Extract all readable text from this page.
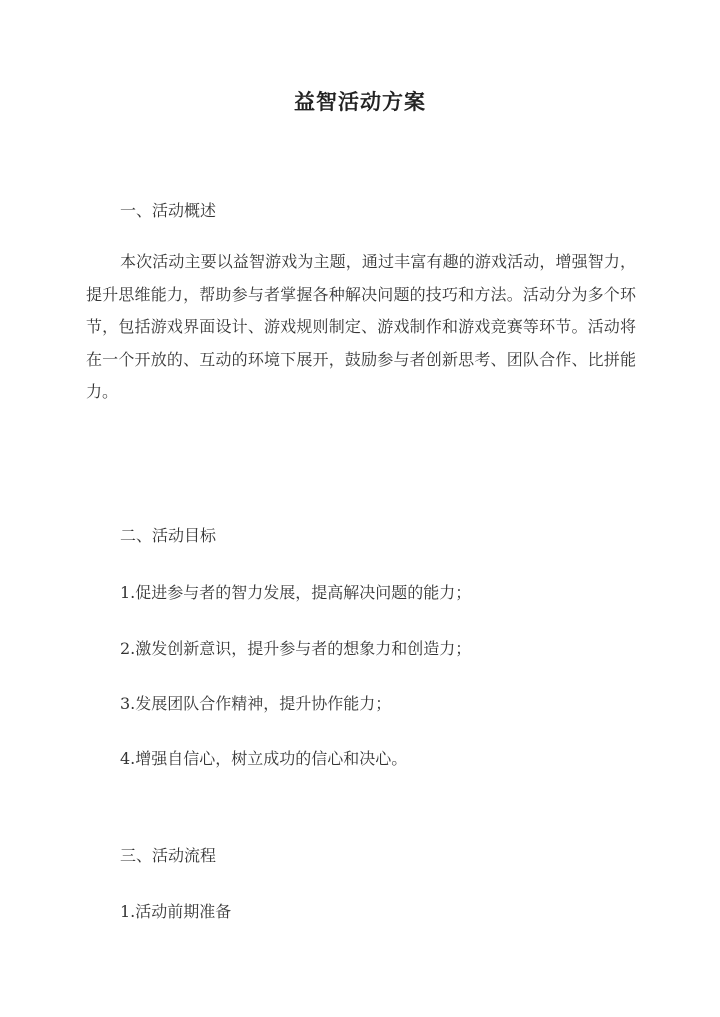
益智活动方案

一、活动概述

本次活动主要以益智游戏为主题，通过丰富有趣的游戏活动，增强智力，提升思维能力，帮助参与者掌握各种解决问题的技巧和方法。活动分为多个环节，包括游戏界面设计、游戏规则制定、游戏制作和游戏竞赛等环节。活动将在一个开放的、互动的环境下展开，鼓励参与者创新思考、团队合作、比拼能力。

二、活动目标

1.促进参与者的智力发展，提高解决问题的能力；

2.激发创新意识，提升参与者的想象力和创造力；

3.发展团队合作精神，提升协作能力；

4.增强自信心，树立成功的信心和决心。

三、活动流程

1.活动前期准备
